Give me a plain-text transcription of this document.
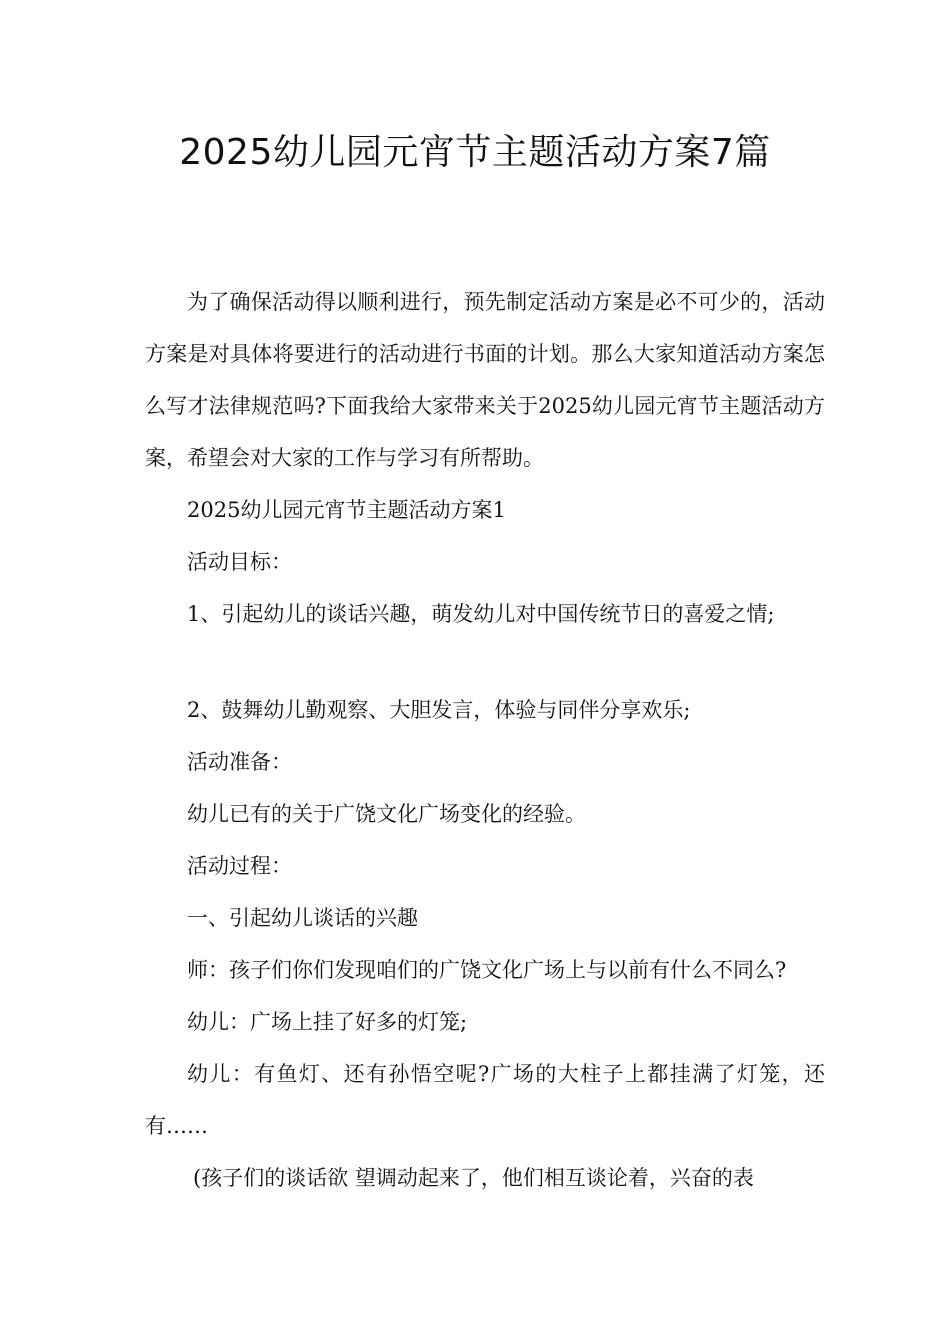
2025幼儿园元宵节主题活动方案7篇

为了确保活动得以顺利进行，预先制定活动方案是必不可少的，活动方案是对具体将要进行的活动进行书面的计划。那么大家知道活动方案怎么写才法律规范吗?下面我给大家带来关于2025幼儿园元宵节主题活动方案，希望会对大家的工作与学习有所帮助。

2025幼儿园元宵节主题活动方案1

活动目标：

1、引起幼儿的谈话兴趣，萌发幼儿对中国传统节日的喜爱之情;

2、鼓舞幼儿勤观察、大胆发言，体验与同伴分享欢乐;

活动准备：

幼儿已有的关于广饶文化广场变化的经验。

活动过程：

一、引起幼儿谈话的兴趣

师：孩子们你们发现咱们的广饶文化广场上与以前有什么不同么?

幼儿：广场上挂了好多的灯笼;

幼儿：有鱼灯、还有孙悟空呢?广场的大柱子上都挂满了灯笼，还有……

(孩子们的谈话欲 望调动起来了，他们相互谈论着，兴奋的表
